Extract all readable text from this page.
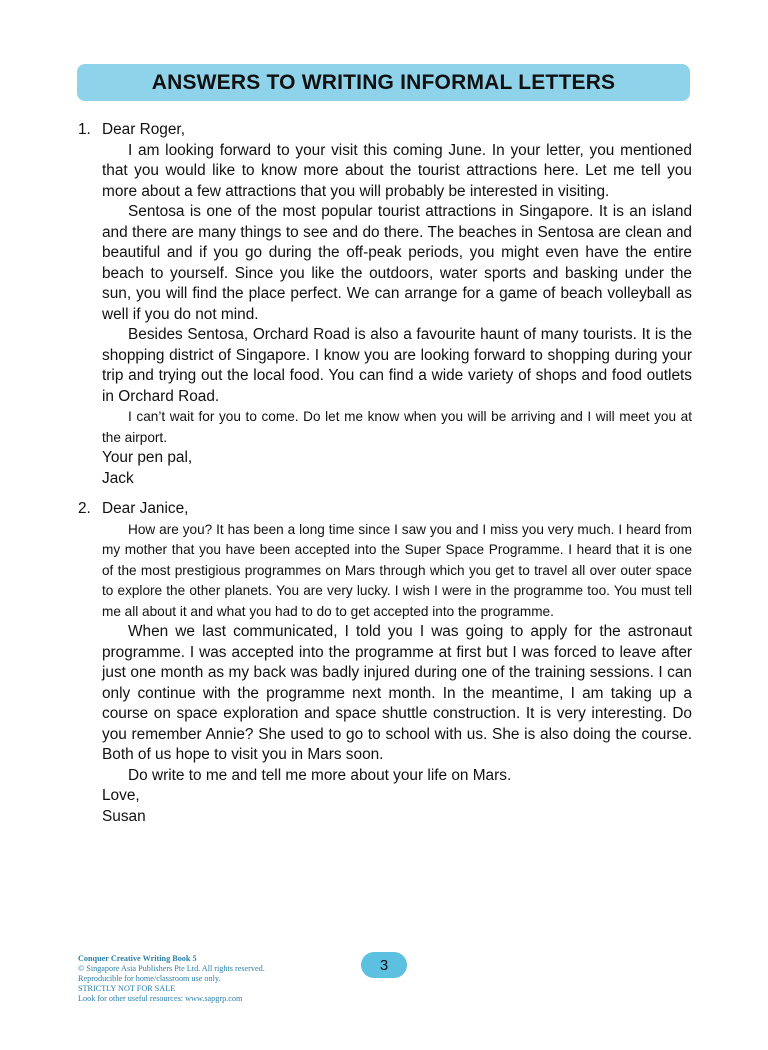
ANSWERS TO WRITING INFORMAL LETTERS
1. Dear Roger,

I am looking forward to your visit this coming June. In your letter, you mentioned that you would like to know more about the tourist attractions here. Let me tell you more about a few attractions that you will probably be interested in visiting.

Sentosa is one of the most popular tourist attractions in Singapore. It is an island and there are many things to see and do there. The beaches in Sentosa are clean and beautiful and if you go during the off-peak periods, you might even have the entire beach to yourself. Since you like the outdoors, water sports and basking under the sun, you will find the place perfect. We can arrange for a game of beach volleyball as well if you do not mind.

Besides Sentosa, Orchard Road is also a favourite haunt of many tourists. It is the shopping district of Singapore. I know you are looking forward to shopping during your trip and trying out the local food. You can find a wide variety of shops and food outlets in Orchard Road.

I can’t wait for you to come. Do let me know when you will be arriving and I will meet you at the airport.

Your pen pal,

Jack

2. Dear Janice,

How are you? It has been a long time since I saw you and I miss you very much. I heard from my mother that you have been accepted into the Super Space Programme. I heard that it is one of the most prestigious programmes on Mars through which you get to travel all over outer space to explore the other planets. You are very lucky. I wish I were in the programme too. You must tell me all about it and what you had to do to get accepted into the programme.

When we last communicated, I told you I was going to apply for the astronaut programme. I was accepted into the programme at first but I was forced to leave after just one month as my back was badly injured during one of the training sessions. I can only continue with the programme next month. In the meantime, I am taking up a course on space exploration and space shuttle construction. It is very interesting. Do you remember Annie? She used to go to school with us. She is also doing the course. Both of us hope to visit you in Mars soon.

Do write to me and tell me more about your life on Mars.

Love,

Susan

Conquer Creative Writing Book 5
© Singapore Asia Publishers Pte Ltd. All rights reserved.
Reproducible for home/classroom use only.
STRICTLY NOT FOR SALE
Look for other useful resources: www.sapgrp.com
3
